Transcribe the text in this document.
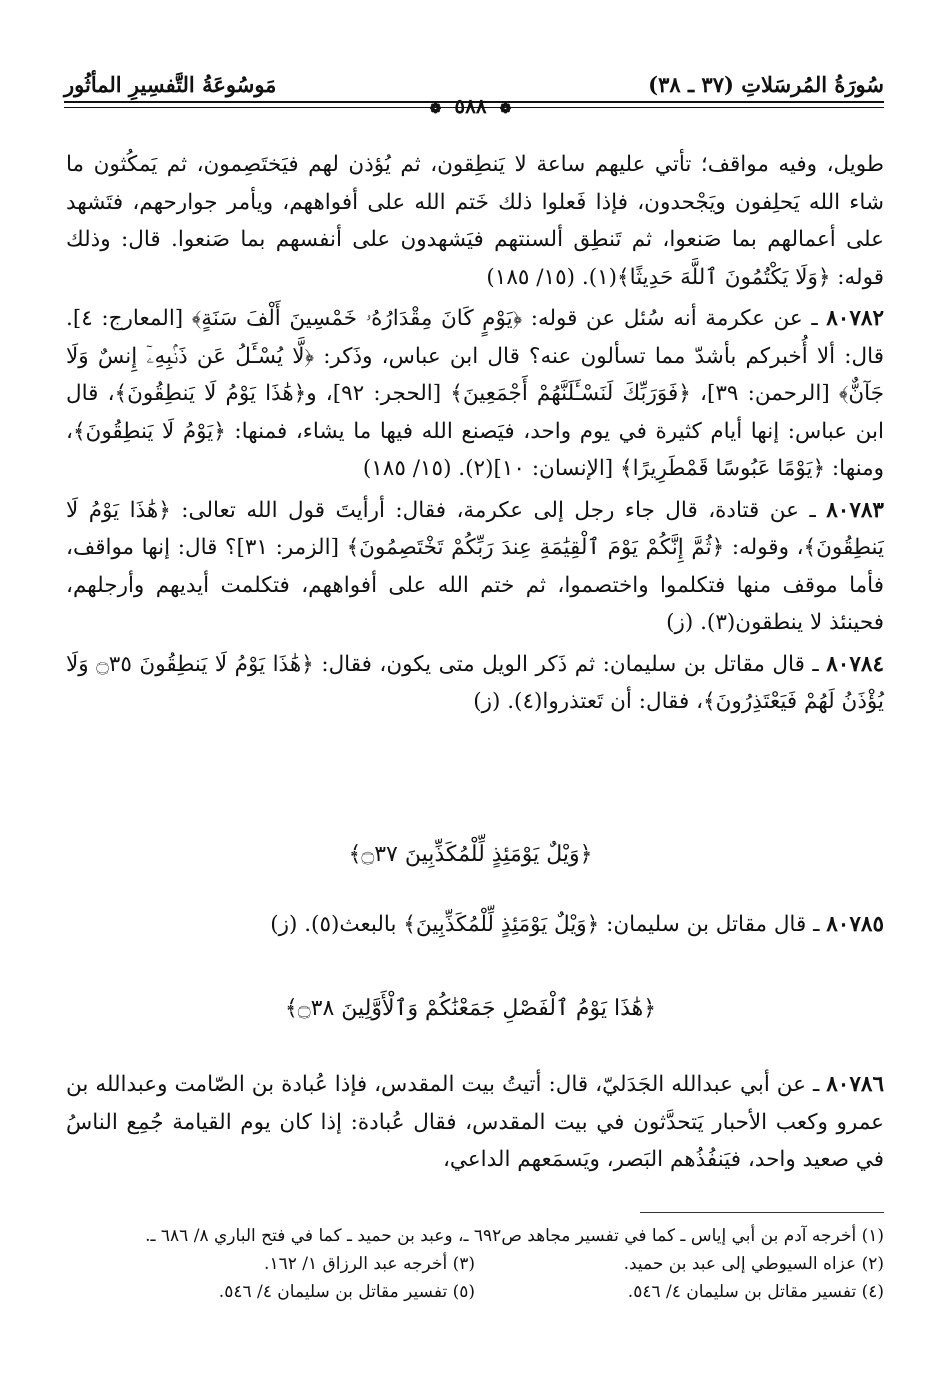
سُورَةُ المُرسَلاتِ (٣٧ ـ ٣٨)
مَوسُوعَةُ التَّفسِيرِ المأثُور
❁ ٥٨٨ ❁

طويل، وفيه مواقف؛ تأتي عليهم ساعة لا يَنطِقون، ثم يُؤذن لهم فيَختَصِمون، ثم يَمكُثون ما شاء الله يَحلِفون ويَجْحدون، فإذا فَعلوا ذلك خَتم الله على أفواههم، ويأمر جوارحهم، فتَشهد على أعمالهم بما صَنعوا، ثم تَنطِق ألسنتهم فيَشهدون على أنفسهم بما صَنعوا. قال: وذلك قوله: ﴿وَلَا يَكْتُمُونَ ٱللَّهَ حَدِيثًا﴾(١). (١٥/ ١٨٥)

٨٠٧٨٢ ـ عن عكرمة أنه سُئل عن قوله: ﴿يَوْمٍ كَانَ مِقْدَارُهُۥ خَمْسِينَ أَلْفَ سَنَةٍ﴾ [المعارج: ٤]. قال: ألا أُخبركم بأشدّ مما تسألون عنه؟ قال ابن عباس، وذَكر: ﴿لَّا يُسْـَٔلُ عَن ذَنۢبِهِۦٓ إِنسٌ وَلَا جَآنٌّ﴾ [الرحمن: ٣٩]، ﴿فَوَرَبِّكَ لَنَسْـَٔلَنَّهُمْ أَجْمَعِينَ﴾ [الحجر: ٩٢]، و﴿هَٰذَا يَوْمُ لَا يَنطِقُونَ﴾، قال ابن عباس: إنها أيام كثيرة في يوم واحد، فيَصنع الله فيها ما يشاء، فمنها: ﴿يَوْمُ لَا يَنطِقُونَ﴾، ومنها: ﴿يَوْمًا عَبُوسًا قَمْطَرِيرًا﴾ [الإنسان: ١٠](٢). (١٥/ ١٨٥)

٨٠٧٨٣ ـ عن قتادة، قال جاء رجل إلى عكرمة، فقال: أرأيتَ قول الله تعالى: ﴿هَٰذَا يَوْمُ لَا يَنطِقُونَ﴾، وقوله: ﴿ثُمَّ إِنَّكُمْ يَوْمَ ٱلْقِيَٰمَةِ عِندَ رَبِّكُمْ تَخْتَصِمُونَ﴾ [الزمر: ٣١]؟ قال: إنها مواقف، فأما موقف منها فتكلموا واختصموا، ثم ختم الله على أفواههم، فتكلمت أيديهم وأرجلهم، فحينئذ لا ينطقون(٣). (ز)

٨٠٧٨٤ ـ قال مقاتل بن سليمان: ثم ذَكر الويل متى يكون، فقال: ﴿هَٰذَا يَوْمُ لَا يَنطِقُونَ ۝٣٥ وَلَا يُؤْذَنُ لَهُمْ فَيَعْتَذِرُونَ﴾، فقال: أن تَعتذروا(٤). (ز)

﴿وَيْلٌ يَوْمَئِذٍ لِّلْمُكَذِّبِينَ ۝٣٧﴾

٨٠٧٨٥ ـ قال مقاتل بن سليمان: ﴿وَيْلٌ يَوْمَئِذٍ لِّلْمُكَذِّبِينَ﴾ بالبعث(٥). (ز)

﴿هَٰذَا يَوْمُ ٱلْفَصْلِ جَمَعْنَٰكُمْ وَٱلْأَوَّلِينَ ۝٣٨﴾

٨٠٧٨٦ ـ عن أبي عبدالله الجَدَليّ، قال: أتيتُ بيت المقدس، فإذا عُبادة بن الصّامت وعبدالله بن عمرو وكعب الأحبار يَتحدَّثون في بيت المقدس، فقال عُبادة: إذا كان يوم القيامة جُمِع الناسُ في صعيد واحد، فيَنفُذُهم البَصر، ويَسمَعهم الداعي،

(١) أخرجه آدم بن أبي إياس ـ كما في تفسير مجاهد ص٦٩٢ ـ، وعبد بن حميد ـ كما في فتح الباري ٨/ ٦٨٦ ـ.
(٢) عزاه السيوطي إلى عبد بن حميد.
(٣) أخرجه عبد الرزاق ١/ ١٦٢.
(٤) تفسير مقاتل بن سليمان ٤/ ٥٤٦.
(٥) تفسير مقاتل بن سليمان ٤/ ٥٤٦.
